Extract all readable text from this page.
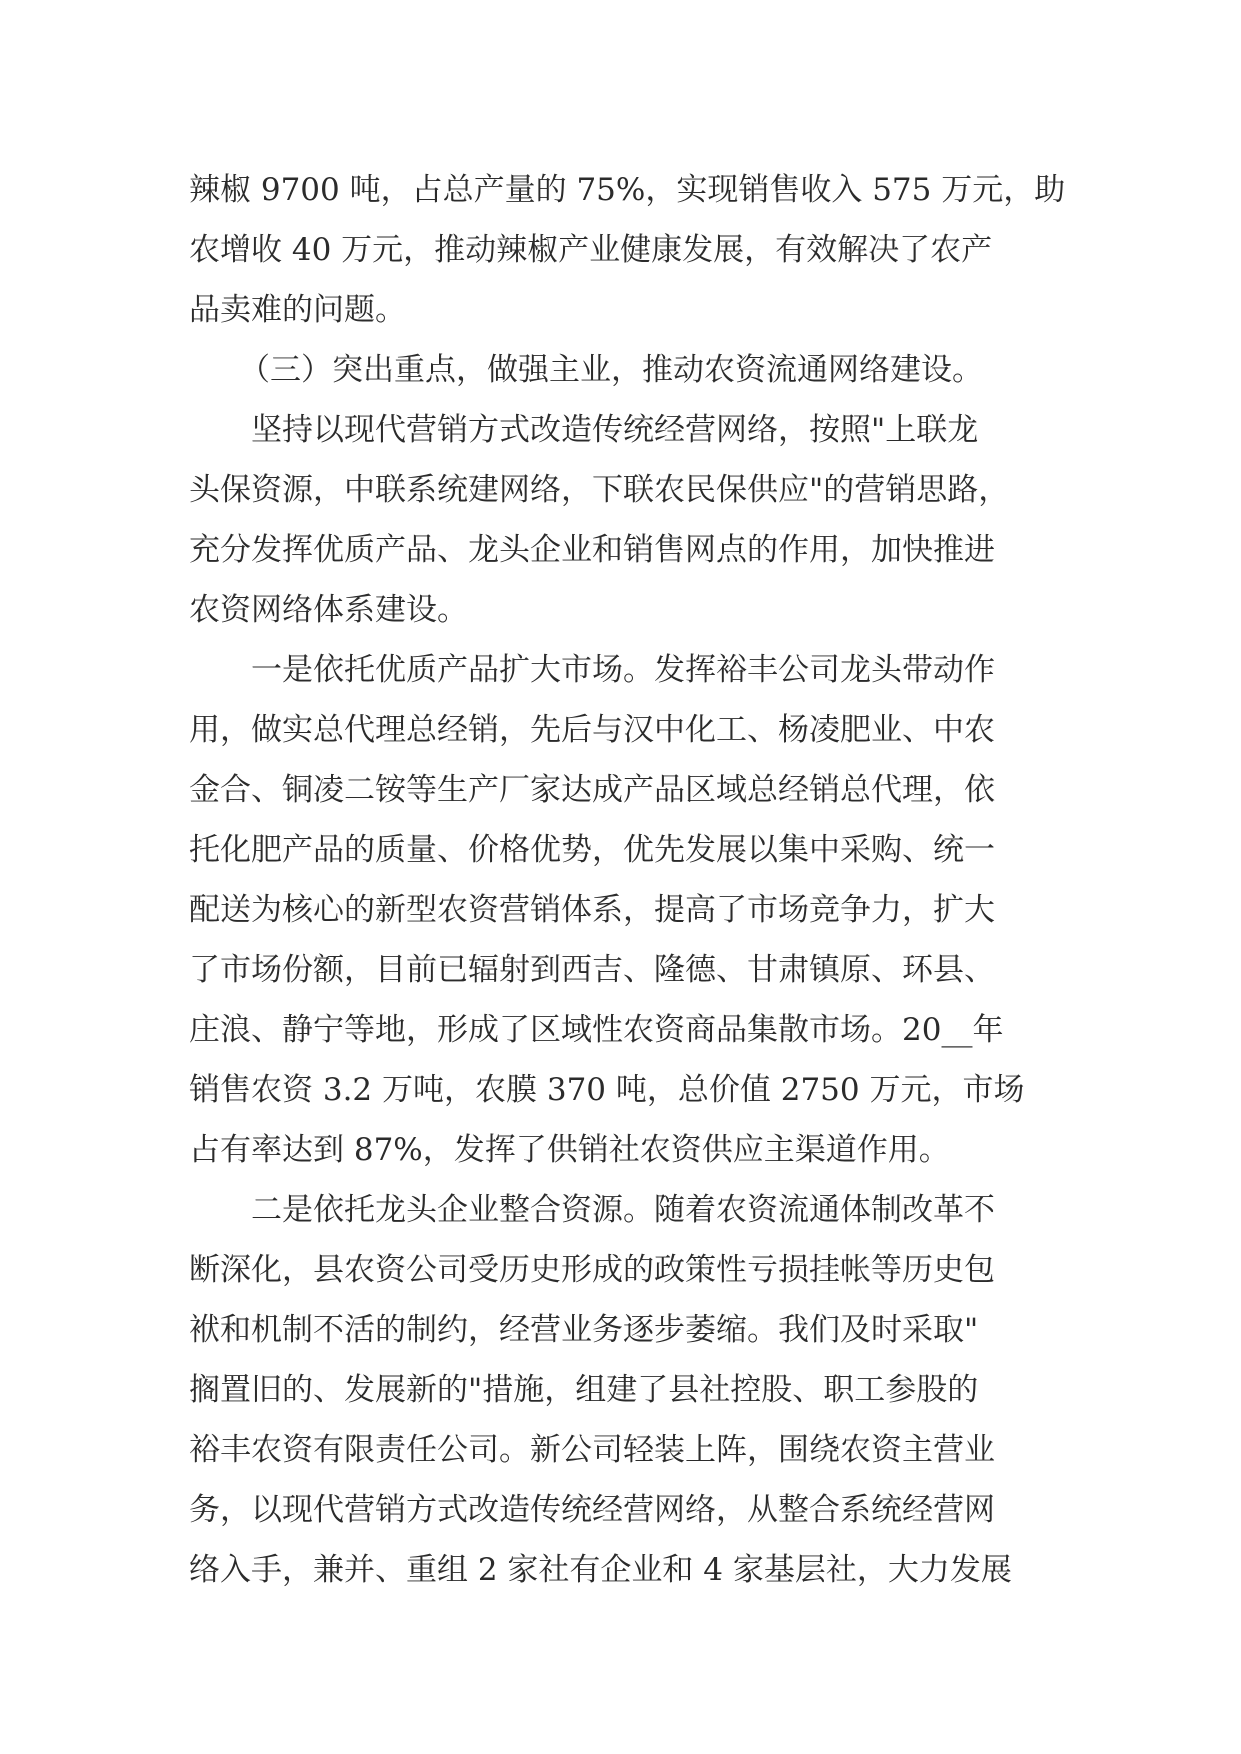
辣椒 9700 吨，占总产量的 75%，实现销售收入 575 万元，助
农增收 40 万元，推动辣椒产业健康发展，有效解决了农产
品卖难的问题。
（三）突出重点，做强主业，推动农资流通网络建设。
坚持以现代营销方式改造传统经营网络，按照"上联龙
头保资源，中联系统建网络，下联农民保供应"的营销思路，
充分发挥优质产品、龙头企业和销售网点的作用，加快推进
农资网络体系建设。
一是依托优质产品扩大市场。发挥裕丰公司龙头带动作
用，做实总代理总经销，先后与汉中化工、杨凌肥业、中农
金合、铜凌二铵等生产厂家达成产品区域总经销总代理，依
托化肥产品的质量、价格优势，优先发展以集中采购、统一
配送为核心的新型农资营销体系，提高了市场竞争力，扩大
了市场份额，目前已辐射到西吉、隆德、甘肃镇原、环县、
庄浪、静宁等地，形成了区域性农资商品集散市场。20__年
销售农资 3.2 万吨，农膜 370 吨，总价值 2750 万元，市场
占有率达到 87%，发挥了供销社农资供应主渠道作用。
二是依托龙头企业整合资源。随着农资流通体制改革不
断深化，县农资公司受历史形成的政策性亏损挂帐等历史包
袱和机制不活的制约，经营业务逐步萎缩。我们及时采取"
搁置旧的、发展新的"措施，组建了县社控股、职工参股的
裕丰农资有限责任公司。新公司轻装上阵，围绕农资主营业
务，以现代营销方式改造传统经营网络，从整合系统经营网
络入手，兼并、重组 2 家社有企业和 4 家基层社，大力发展
